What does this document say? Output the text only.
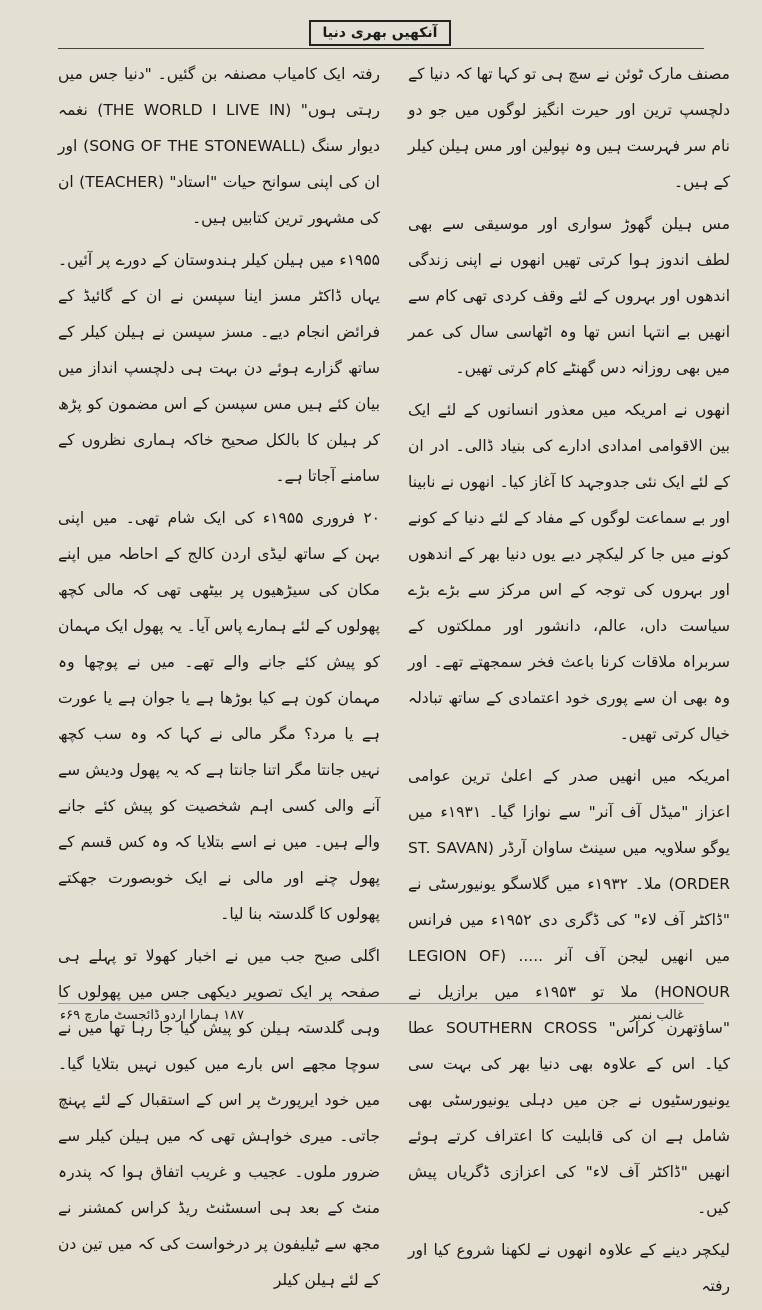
آنکھیں بھری دنیا

مصنف مارک ٹوئن نے سچ ہی تو کہا تھا کہ دنیا کے دلچسپ ترین اور حیرت انگیز لوگوں میں جو دو نام سر فہرست ہیں وہ نپولین اور مس ہیلن کیلر کے ہیں۔

مس ہیلن گھوڑ سواری اور موسیقی سے بھی لطف اندوز ہوا کرتی تھیں انھوں نے اپنی زندگی اندھوں اور بہروں کے لئے وقف کردی تھی کام سے انھیں بے انتہا انس تھا وہ اٹھاسی سال کی عمر میں بھی روزانہ دس گھنٹے کام کرتی تھیں۔

انھوں نے امریکہ میں معذور انسانوں کے لئے ایک بین الاقوامی امدادی ادارے کی بنیاد ڈالی۔ ادر ان کے لئے ایک نئی جدوجہد کا آغاز کیا۔ انھوں نے نابینا اور بے سماعت لوگوں کے مفاد کے لئے دنیا کے کونے کونے میں جا کر لیکچر دیے یوں دنیا بھر کے اندھوں اور بہروں کی توجہ کے اس مرکز سے بڑے بڑے سیاست داں، عالم، دانشور اور مملکتوں کے سربراہ ملاقات کرنا باعث فخر سمجھتے تھے۔ اور وہ بھی ان سے پوری خود اعتمادی کے ساتھ تبادلہ خیال کرتی تھیں۔

امریکہ میں انھیں صدر کے اعلیٰ ترین عوامی اعزاز "میڈل آف آنر" سے نوازا گیا۔ ۱۹۳۱ء میں یوگو سلاویہ میں سینٹ ساوان آرڈر (ST. SAVAN ORDER) ملا۔ ۱۹۳۲ء میں گلاسگو یونیورسٹی نے "ڈاکٹر آف لاء" کی ڈگری دی ۱۹۵۲ء میں فرانس میں انھیں لیجن آف آنر ..... (LEGION OF HONOUR) ملا تو ۱۹۵۳ء میں برازیل نے "ساؤتھرن کراس" SOUTHERN CROSS عطا کیا۔ اس کے علاوہ بھی دنیا بھر کی بہت سی یونیورسٹیوں نے جن میں دہلی یونیورسٹی بھی شامل ہے ان کی قابلیت کا اعتراف کرتے ہوئے انھیں "ڈاکٹر آف لاء" کی اعزازی ڈگریاں پیش کیں۔

لیکچر دینے کے علاوہ انھوں نے لکھنا شروع کیا اور رفتہ

رفتہ ایک کامیاب مصنفہ بن گئیں۔ "دنیا جس میں رہتی ہوں" (THE WORLD I LIVE IN) نغمہ دیوار سنگ (SONG OF THE STONEWALL) اور ان کی اپنی سوانح حیات "استاد" (TEACHER) ان کی مشہور ترین کتابیں ہیں۔

۱۹۵۵ء میں ہیلن کیلر ہندوستان کے دورے پر آئیں۔ یہاں ڈاکٹر مسز اینا سپسن نے ان کے گائیڈ کے فرائض انجام دیے۔ مسز سپسن نے ہیلن کیلر کے ساتھ گزارے ہوئے دن بہت ہی دلچسپ انداز میں بیان کئے ہیں مس سپسن کے اس مضمون کو پڑھ کر ہیلن کا بالکل صحیح خاکہ ہماری نظروں کے سامنے آجاتا ہے۔

۲۰ فروری ۱۹۵۵ء کی ایک شام تھی۔ میں اپنی بہن کے ساتھ لیڈی اردن کالج کے احاطہ میں اپنے مکان کی سیڑھیوں پر بیٹھی تھی کہ مالی کچھ پھولوں کے لئے ہمارے پاس آیا۔ یہ پھول ایک مہمان کو پیش کئے جانے والے تھے۔ میں نے پوچھا وہ مہمان کون ہے کیا بوڑھا ہے یا جوان ہے یا عورت ہے یا مرد؟ مگر مالی نے کہا کہ وہ سب کچھ نہیں جانتا مگر اتنا جانتا ہے کہ یہ پھول ودیش سے آنے والی کسی اہم شخصیت کو پیش کئے جانے والے ہیں۔ میں نے اسے بتلایا کہ وہ کس قسم کے پھول چنے اور مالی نے ایک خوبصورت جھکتے پھولوں کا گلدستہ بنا لیا۔

اگلی صبح جب میں نے اخبار کھولا تو پہلے ہی صفحہ پر ایک تصویر دیکھی جس میں پھولوں کا وہی گلدستہ ہیلن کو پیش کیا جا رہا تھا میں نے سوچا مجھے اس بارے میں کیوں نہیں بتلایا گیا۔ میں خود ایرپورٹ پر اس کے استقبال کے لئے پہنچ جاتی۔ میری خواہش تھی کہ میں ہیلن کیلر سے ضرور ملوں۔ عجیب و غریب اتفاق ہوا کہ پندرہ منٹ کے بعد ہی اسسٹنٹ ریڈ کراس کمشنر نے مجھ سے ٹیلیفون پر درخواست کی کہ میں تین دن کے لئے ہیلن کیلر

۱۸۷ ہمارا اردو ڈائجسٹ مارچ ۶۹ء	غالب نمبر
